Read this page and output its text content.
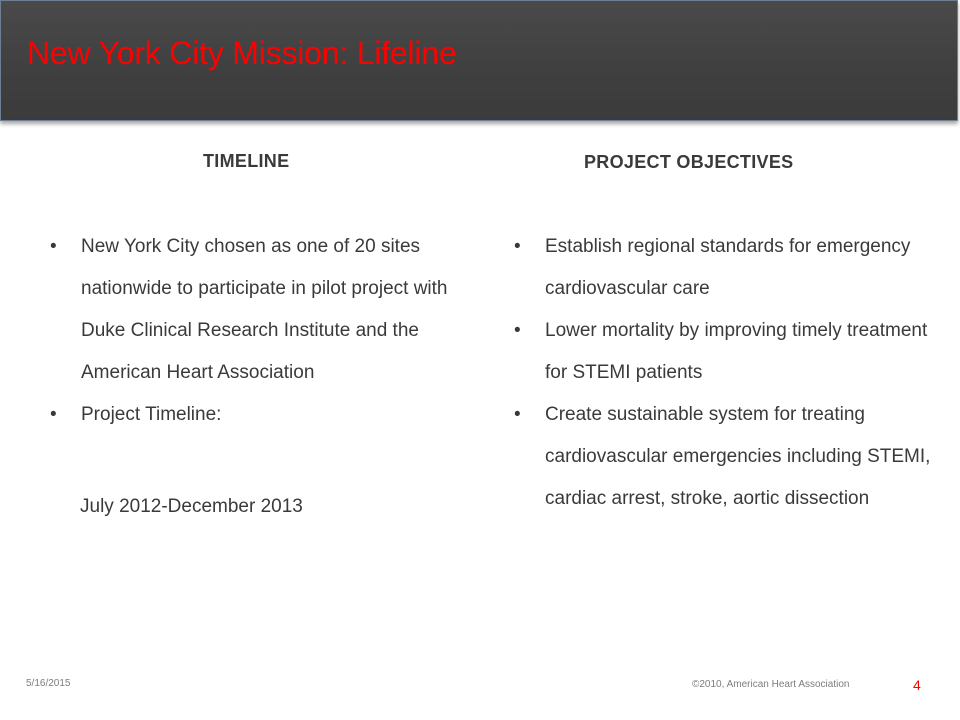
New York City Mission: Lifeline
TIMELINE	PROJECT OBJECTIVES
• New York City chosen as one of 20 sites nationwide to participate in pilot project with Duke Clinical Research Institute and the American Heart Association
• Project Timeline:
July 2012-December 2013
• Establish regional standards for emergency cardiovascular care
• Lower mortality by improving timely treatment for STEMI patients
• Create sustainable system for treating cardiovascular emergencies including STEMI, cardiac arrest, stroke, aortic dissection
5/16/2015	©2010, American Heart Association	4
